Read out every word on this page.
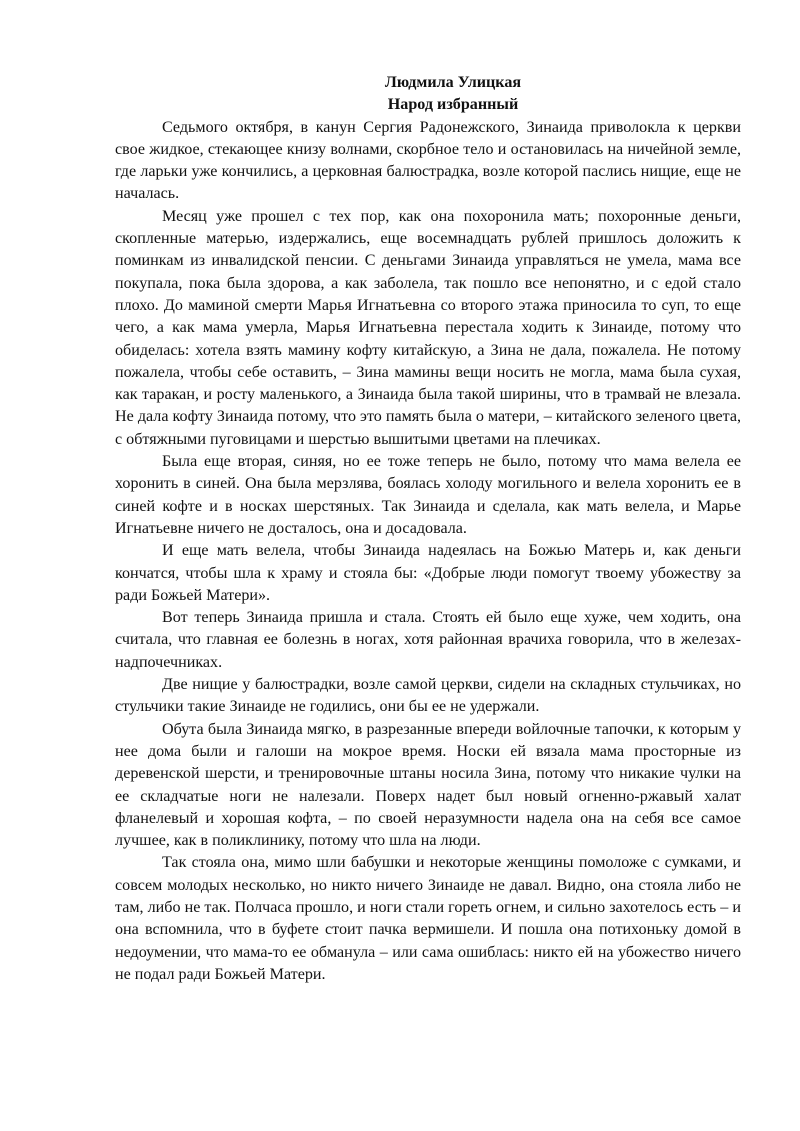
Людмила Улицкая
Народ избранный

Седьмого октября, в канун Сергия Радонежского, Зинаида приволокла к церкви свое жидкое, стекающее книзу волнами, скорбное тело и остановилась на ничейной земле, где ларьки уже кончились, а церковная балюстрадка, возле которой паслись нищие, еще не началась.

Месяц уже прошел с тех пор, как она похоронила мать; похоронные деньги, скопленные матерью, издержались, еще восемнадцать рублей пришлось доложить к поминкам из инвалидской пенсии. С деньгами Зинаида управляться не умела, мама все покупала, пока была здорова, а как заболела, так пошло все непонятно, и с едой стало плохо. До маминой смерти Марья Игнатьевна со второго этажа приносила то суп, то еще чего, а как мама умерла, Марья Игнатьевна перестала ходить к Зинаиде, потому что обиделась: хотела взять мамину кофту китайскую, а Зина не дала, пожалела. Не потому пожалела, чтобы себе оставить, – Зина мамины вещи носить не могла, мама была сухая, как таракан, и росту маленького, а Зинаида была такой ширины, что в трамвай не влезала. Не дала кофту Зинаида потому, что это память была о матери, – китайского зеленого цвета, с обтяжными пуговицами и шерстью вышитыми цветами на плечиках.

Была еще вторая, синяя, но ее тоже теперь не было, потому что мама велела ее хоронить в синей. Она была мерзлява, боялась холоду могильного и велела хоронить ее в синей кофте и в носках шерстяных. Так Зинаида и сделала, как мать велела, и Марье Игнатьевне ничего не досталось, она и досадовала.

И еще мать велела, чтобы Зинаида надеялась на Божью Матерь и, как деньги кончатся, чтобы шла к храму и стояла бы: «Добрые люди помогут твоему убожеству за ради Божьей Матери».

Вот теперь Зинаида пришла и стала. Стоять ей было еще хуже, чем ходить, она считала, что главная ее болезнь в ногах, хотя районная врачиха говорила, что в железах-надпочечниках.

Две нищие у балюстрадки, возле самой церкви, сидели на складных стульчиках, но стульчики такие Зинаиде не годились, они бы ее не удержали.

Обута была Зинаида мягко, в разрезанные впереди войлочные тапочки, к которым у нее дома были и галоши на мокрое время. Носки ей вязала мама просторные из деревенской шерсти, и тренировочные штаны носила Зина, потому что никакие чулки на ее складчатые ноги не налезали. Поверх надет был новый огненно-ржавый халат фланелевый и хорошая кофта, – по своей неразумности надела она на себя все самое лучшее, как в поликлинику, потому что шла на люди.

Так стояла она, мимо шли бабушки и некоторые женщины помоложе с сумками, и совсем молодых несколько, но никто ничего Зинаиде не давал. Видно, она стояла либо не там, либо не так. Полчаса прошло, и ноги стали гореть огнем, и сильно захотелось есть – и она вспомнила, что в буфете стоит пачка вермишели. И пошла она потихоньку домой в недоумении, что мама-то ее обманула – или сама ошиблась: никто ей на убожество ничего не подал ради Божьей Матери.
